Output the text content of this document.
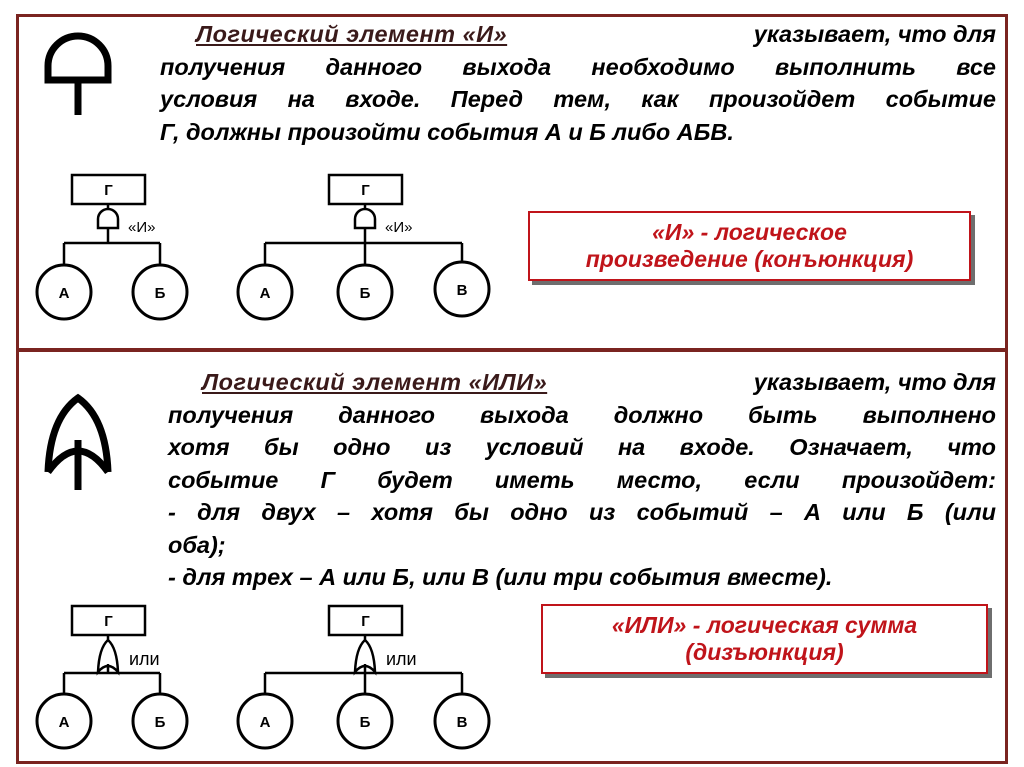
Логический элемент «И»	указывает, что для
получения данного выхода необходимо выполнить все
условия на входе. Перед тем, как произойдет событие
Г, должны произойти события А и Б либо АБВ.
«И» - логическое
произведение (конъюнкция)
Логический элемент «ИЛИ»	указывает, что для
получения данного выхода должно быть выполнено
хотя бы одно из условий на входе. Означает, что
событие Г будет иметь место, если произойдет:
- для двух – хотя бы одно из событий – А или Б (или
оба);
- для трех – А или Б, или В (или три события вместе).
«ИЛИ» - логическая сумма
(дизъюнкция)
Г
«И»
А	Б
Г
«И»
А	Б	В
Г
или
А	Б
Г
или
А	Б	В
